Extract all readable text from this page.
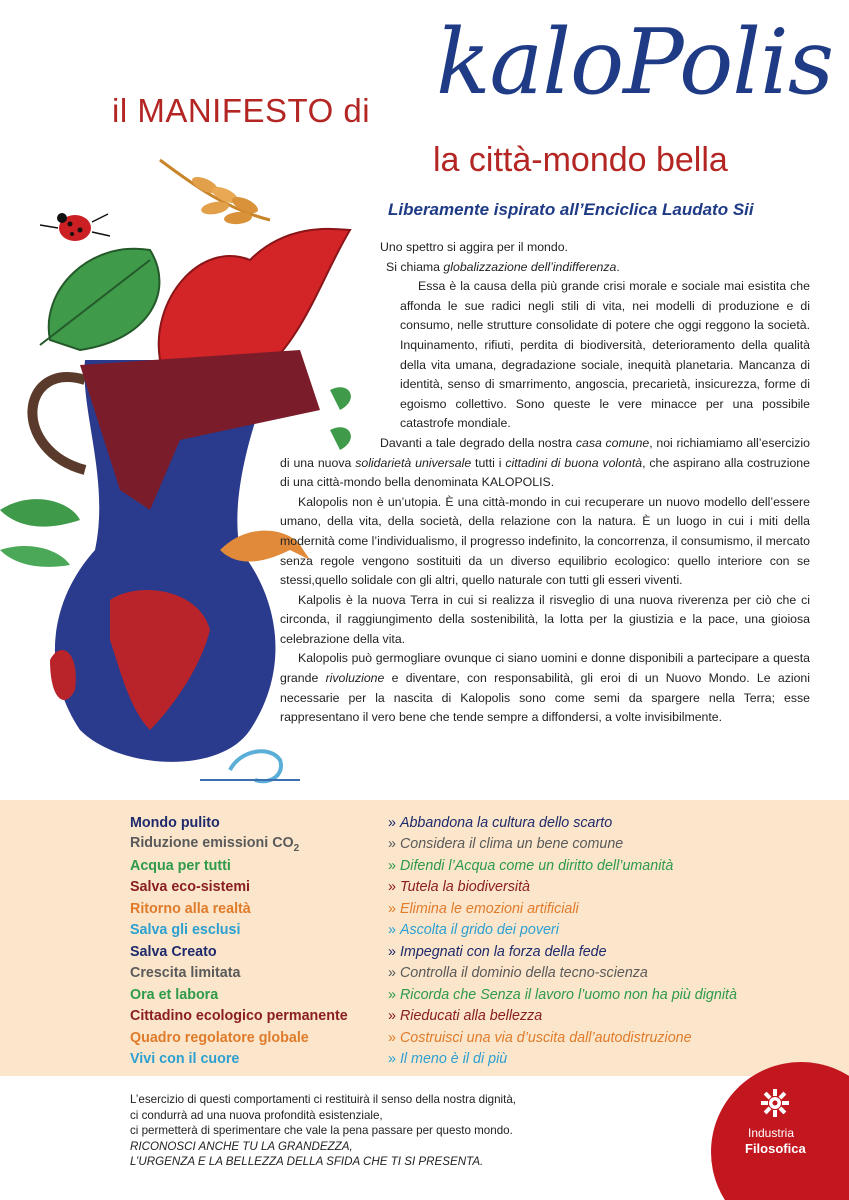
il MANIFESTO di kaloPolis
la città-mondo bella
Liberamente ispirato all’Enciclica Laudato Sii

Uno spettro si aggira per il mondo.
Si chiama globalizzazione dell’indifferenza.

Essa è la causa della più grande crisi morale e sociale mai esistita che affonda le sue radici negli stili di vita, nei modelli di produzione e di consumo, nelle strutture consolidate di potere che oggi reggono la società. Inquinamento, rifiuti, perdita di biodiversità, deterioramento della qualità della vita umana, degradazione sociale, inequità planetaria. Mancanza di identità, senso di smarrimento, angoscia, precarietà, insicurezza, forme di egoismo collettivo. Sono queste le vere minacce per una possibile catastrofe mondiale.

Davanti a tale degrado della nostra casa comune, noi richiamiamo all’esercizio di una nuova solidarietà universale tutti i cittadini di buona volontà, che aspirano alla costruzione di una città-mondo bella denominata KALOPOLIS.

Kalopolis non è un’utopia. È una città-mondo in cui recuperare un nuovo modello dell’essere umano, della vita, della società, della relazione con la natura. È un luogo in cui i miti della modernità come l’individualismo, il progresso indefinito, la concorrenza, il consumismo, il mercato senza regole vengono sostituiti da un diverso equilibrio ecologico: quello interiore con se stessi,quello solidale con gli altri, quello naturale con tutti gli esseri viventi.

Kalpolis è la nuova Terra in cui si realizza il risveglio di una nuova riverenza per ciò che ci circonda, il raggiungimento della sostenibilità, la lotta per la giustizia e la pace, una gioiosa celebrazione della vita.

Kalopolis può germogliare ovunque ci siano uomini e donne disponibili a partecipare a questa grande rivoluzione e diventare, con responsabilità, gli eroi di un Nuovo Mondo. Le azioni necessarie per la nascita di Kalopolis sono come semi da spargere nella Terra; esse rappresentano il vero bene che tende sempre a diffondersi, a volte invisibilmente.

Mondo pulito	» Abbandona la cultura dello scarto
Riduzione emissioni $CO_2$	» Considera il clima un bene comune
Acqua per tutti	» Difendi l’Acqua come un diritto dell’umanità
Salva eco-sistemi	» Tutela la biodiversità
Ritorno alla realtà	» Elimina le emozioni artificiali
Salva gli esclusi	» Ascolta il grido dei poveri
Salva Creato	» Impegnati con la forza della fede
Crescita limitata	» Controlla il dominio della tecno-scienza
Ora et labora	» Ricorda che Senza il lavoro l’uomo non ha più dignità
Cittadino ecologico permanente	» Rieducati alla bellezza
Quadro regolatore globale	» Costruisci una via d’uscita dall’autodistruzione
Vivi con il cuore	» Il meno è il di più
L’esercizio di questi comportamenti ci restituirà il senso della nostra dignità,
ci condurrà ad una nuova profondità esistenziale,
ci permetterà di sperimentare che vale la pena passare per questo mondo.
RICONOSCI ANCHE TU LA GRANDEZZA,
L’URGENZA E LA BELLEZZA DELLA SFIDA CHE TI SI PRESENTA.
Industria
Filosofica
